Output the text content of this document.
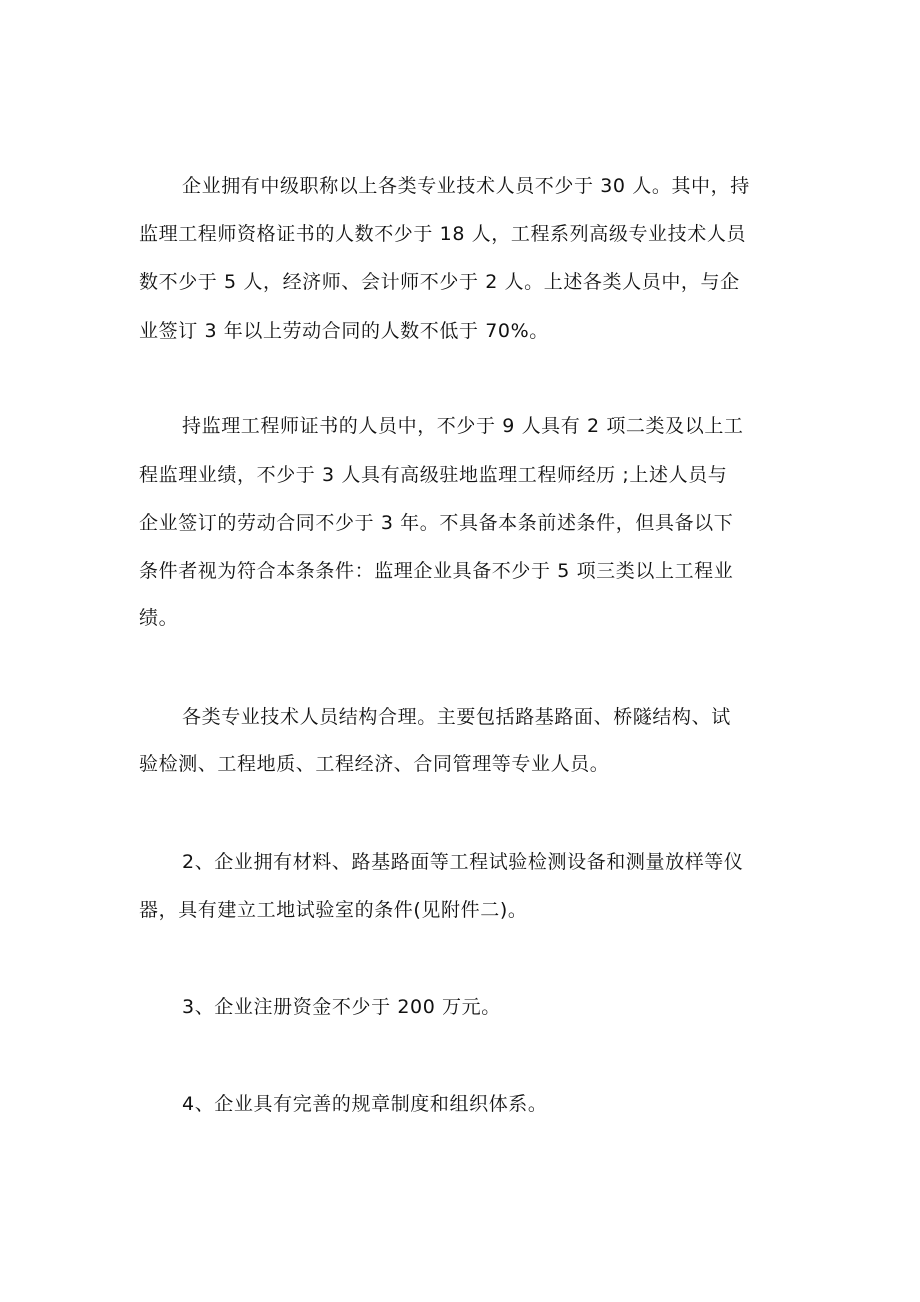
企业拥有中级职称以上各类专业技术人员不少于 30 人。其中，持
监理工程师资格证书的人数不少于 18 人，工程系列高级专业技术人员
数不少于 5 人，经济师、会计师不少于 2 人。上述各类人员中，与企
业签订 3 年以上劳动合同的人数不低于 70%。
持监理工程师证书的人员中，不少于 9 人具有 2 项二类及以上工
程监理业绩，不少于 3 人具有高级驻地监理工程师经历 ;上述人员与
企业签订的劳动合同不少于 3 年。不具备本条前述条件，但具备以下
条件者视为符合本条条件：监理企业具备不少于 5 项三类以上工程业
绩。
各类专业技术人员结构合理。主要包括路基路面、桥隧结构、试
验检测、工程地质、工程经济、合同管理等专业人员。
2、企业拥有材料、路基路面等工程试验检测设备和测量放样等仪
器，具有建立工地试验室的条件(见附件二)。
3、企业注册资金不少于 200 万元。
4、企业具有完善的规章制度和组织体系。
